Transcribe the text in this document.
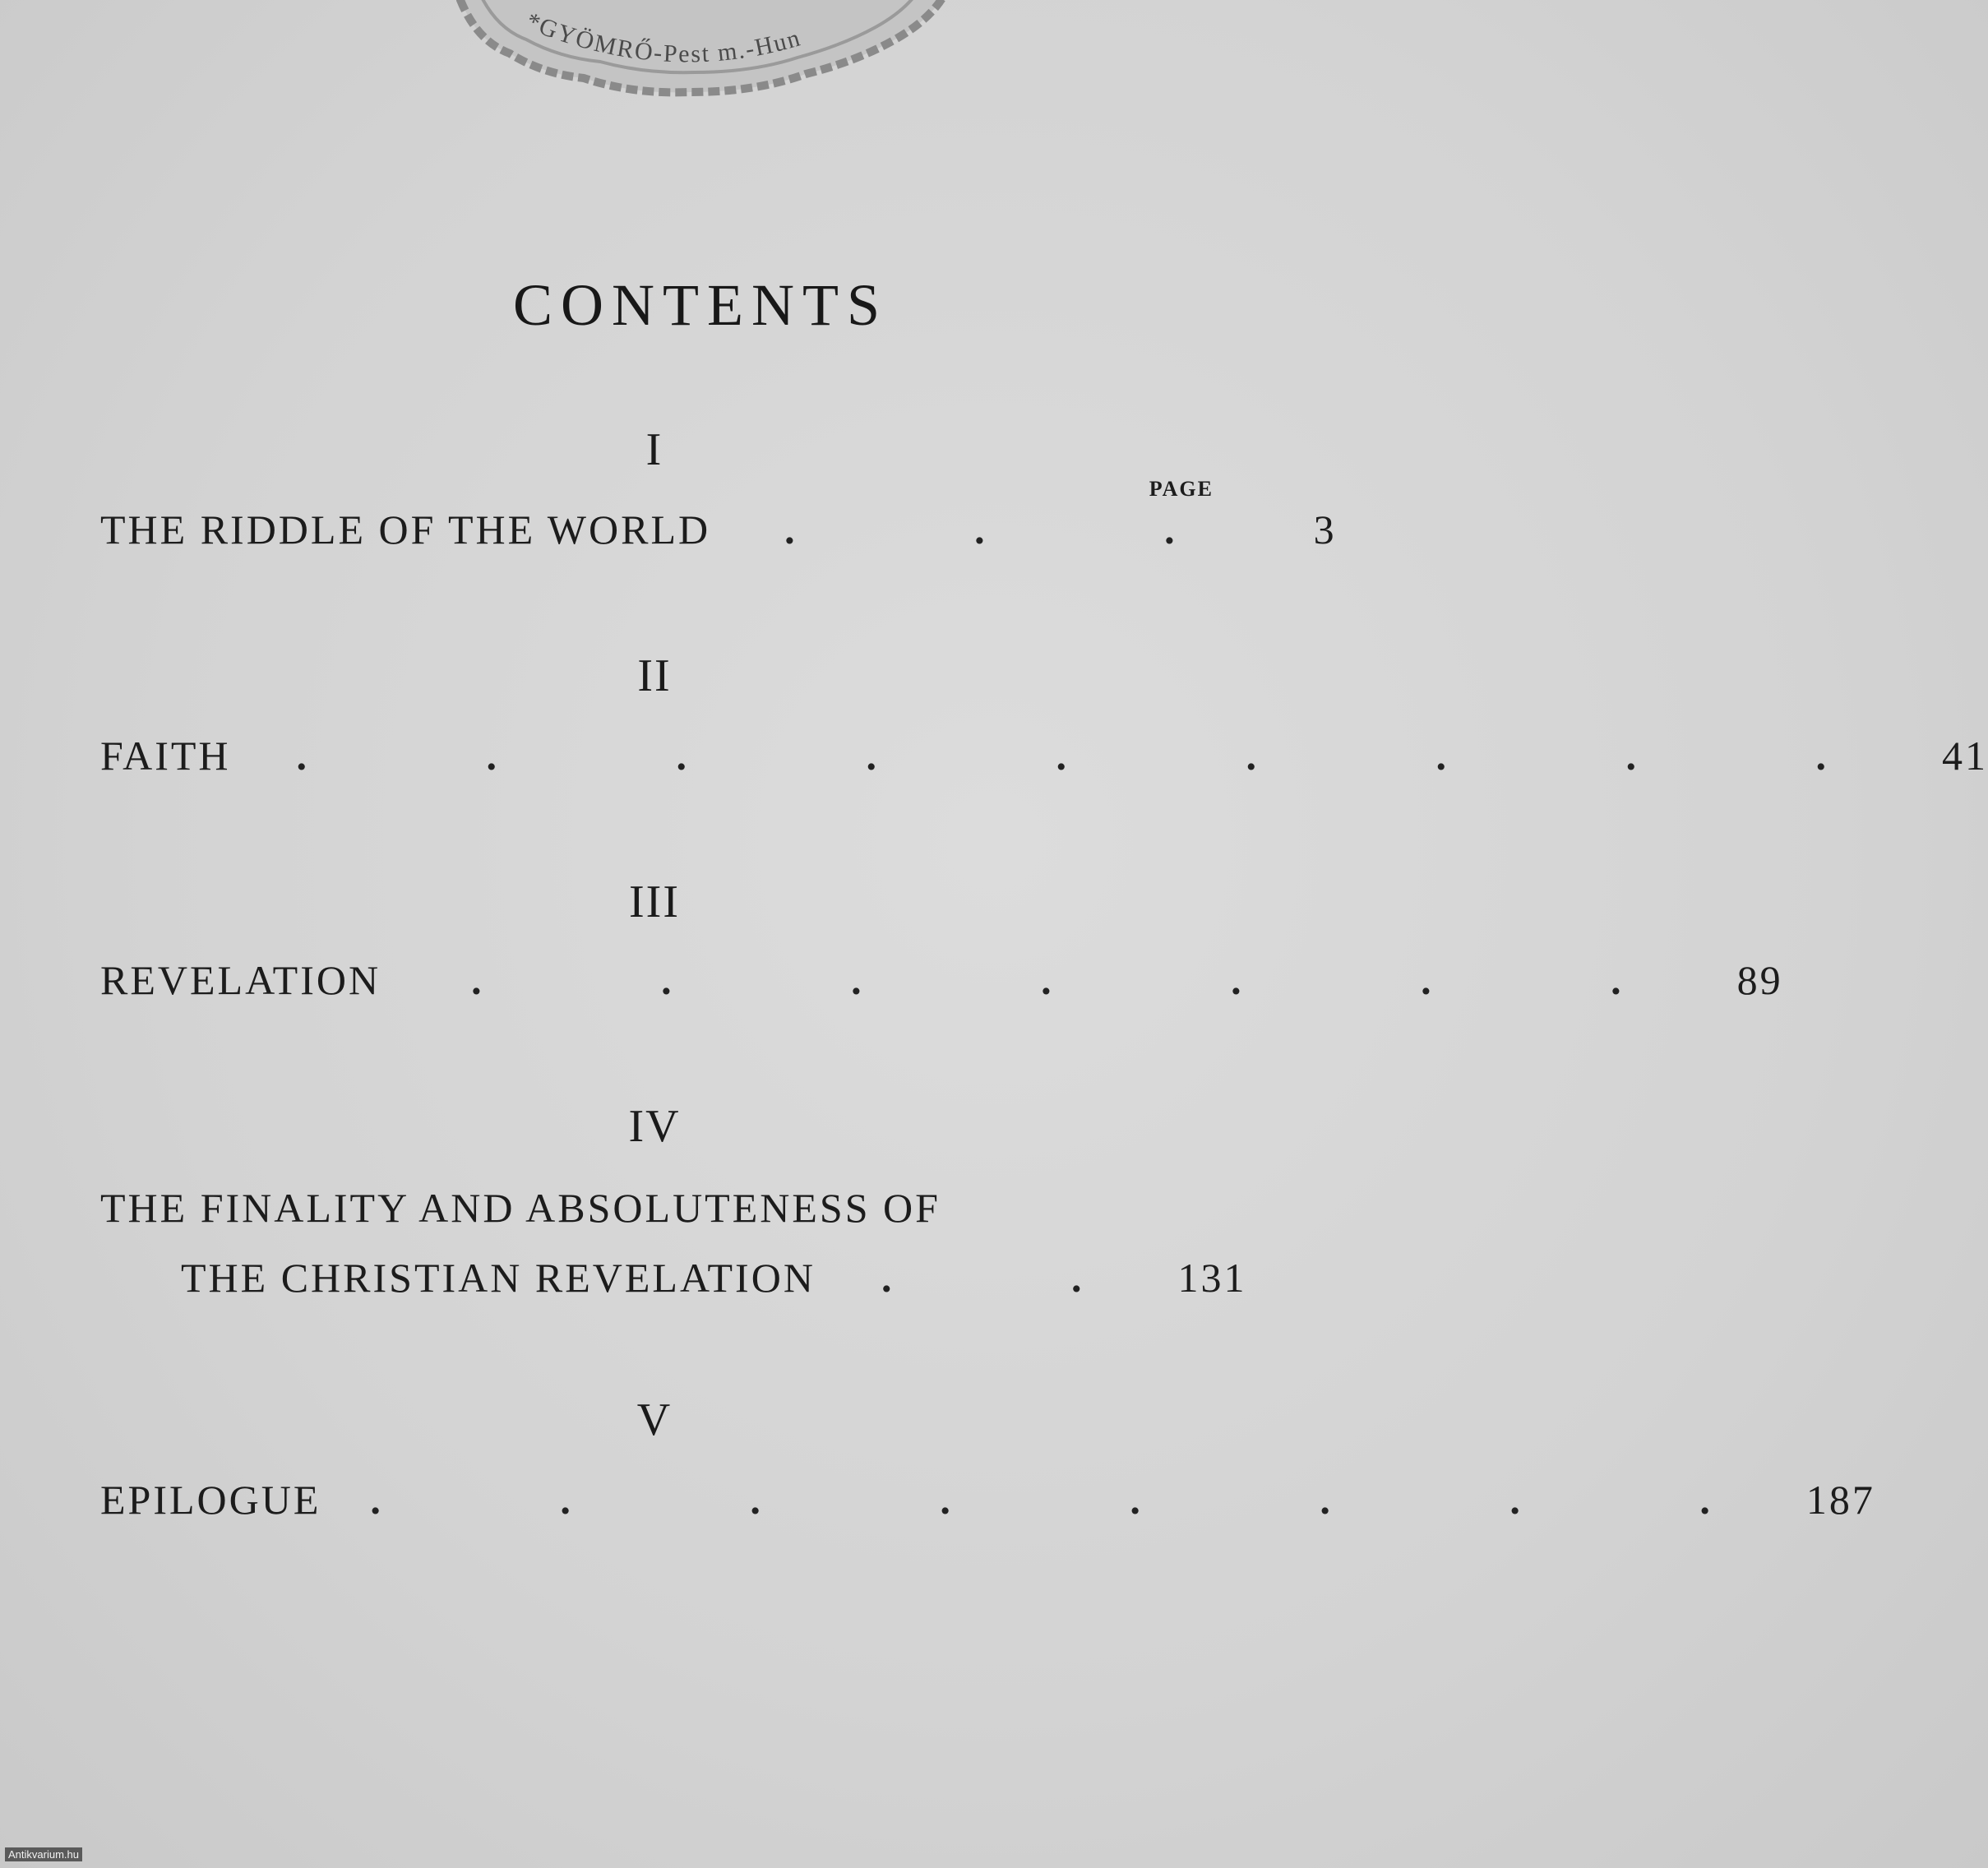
*GYÖMRŐ-Pest m.-Hun
CONTENTS
I
PAGE
THE RIDDLE OF THE WORLD . . .	3
II
FAITH . . . . . . . . . 41
III
REVELATION . . . . . . . 89
IV
THE FINALITY AND ABSOLUTENESS OF
THE CHRISTIAN REVELATION . . 131
V
EPILOGUE . . . . . . . . 187
Antikvarium.hu
